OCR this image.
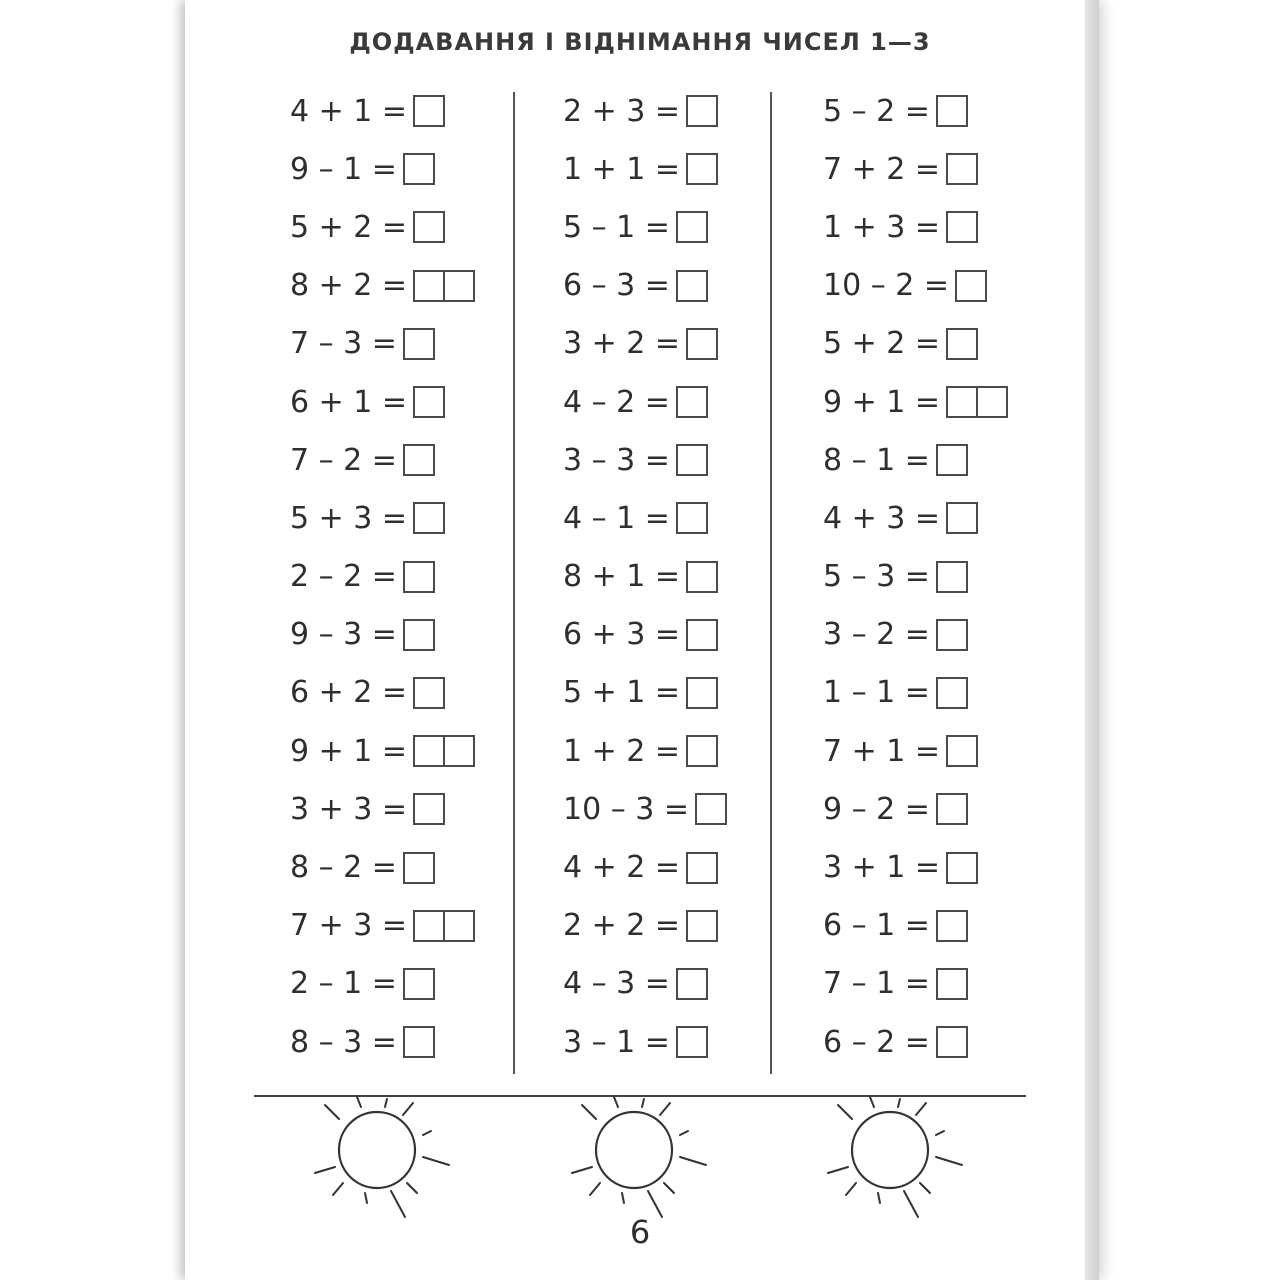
ДОДАВАННЯ І ВІДНІМАННЯ ЧИСЕЛ 1—3
4 + 1 =
9 – 1 =
5 + 2 =
8 + 2 =
7 – 3 =
6 + 1 =
7 – 2 =
5 + 3 =
2 – 2 =
9 – 3 =
6 + 2 =
9 + 1 =
3 + 3 =
8 – 2 =
7 + 3 =
2 – 1 =
8 – 3 =
2 + 3 =
1 + 1 =
5 – 1 =
6 – 3 =
3 + 2 =
4 – 2 =
3 – 3 =
4 – 1 =
8 + 1 =
6 + 3 =
5 + 1 =
1 + 2 =
10 – 3 =
4 + 2 =
2 + 2 =
4 – 3 =
3 – 1 =
5 – 2 =
7 + 2 =
1 + 3 =
10 – 2 =
5 + 2 =
9 + 1 =
8 – 1 =
4 + 3 =
5 – 3 =
3 – 2 =
1 – 1 =
7 + 1 =
9 – 2 =
3 + 1 =
6 – 1 =
7 – 1 =
6 – 2 =
6
